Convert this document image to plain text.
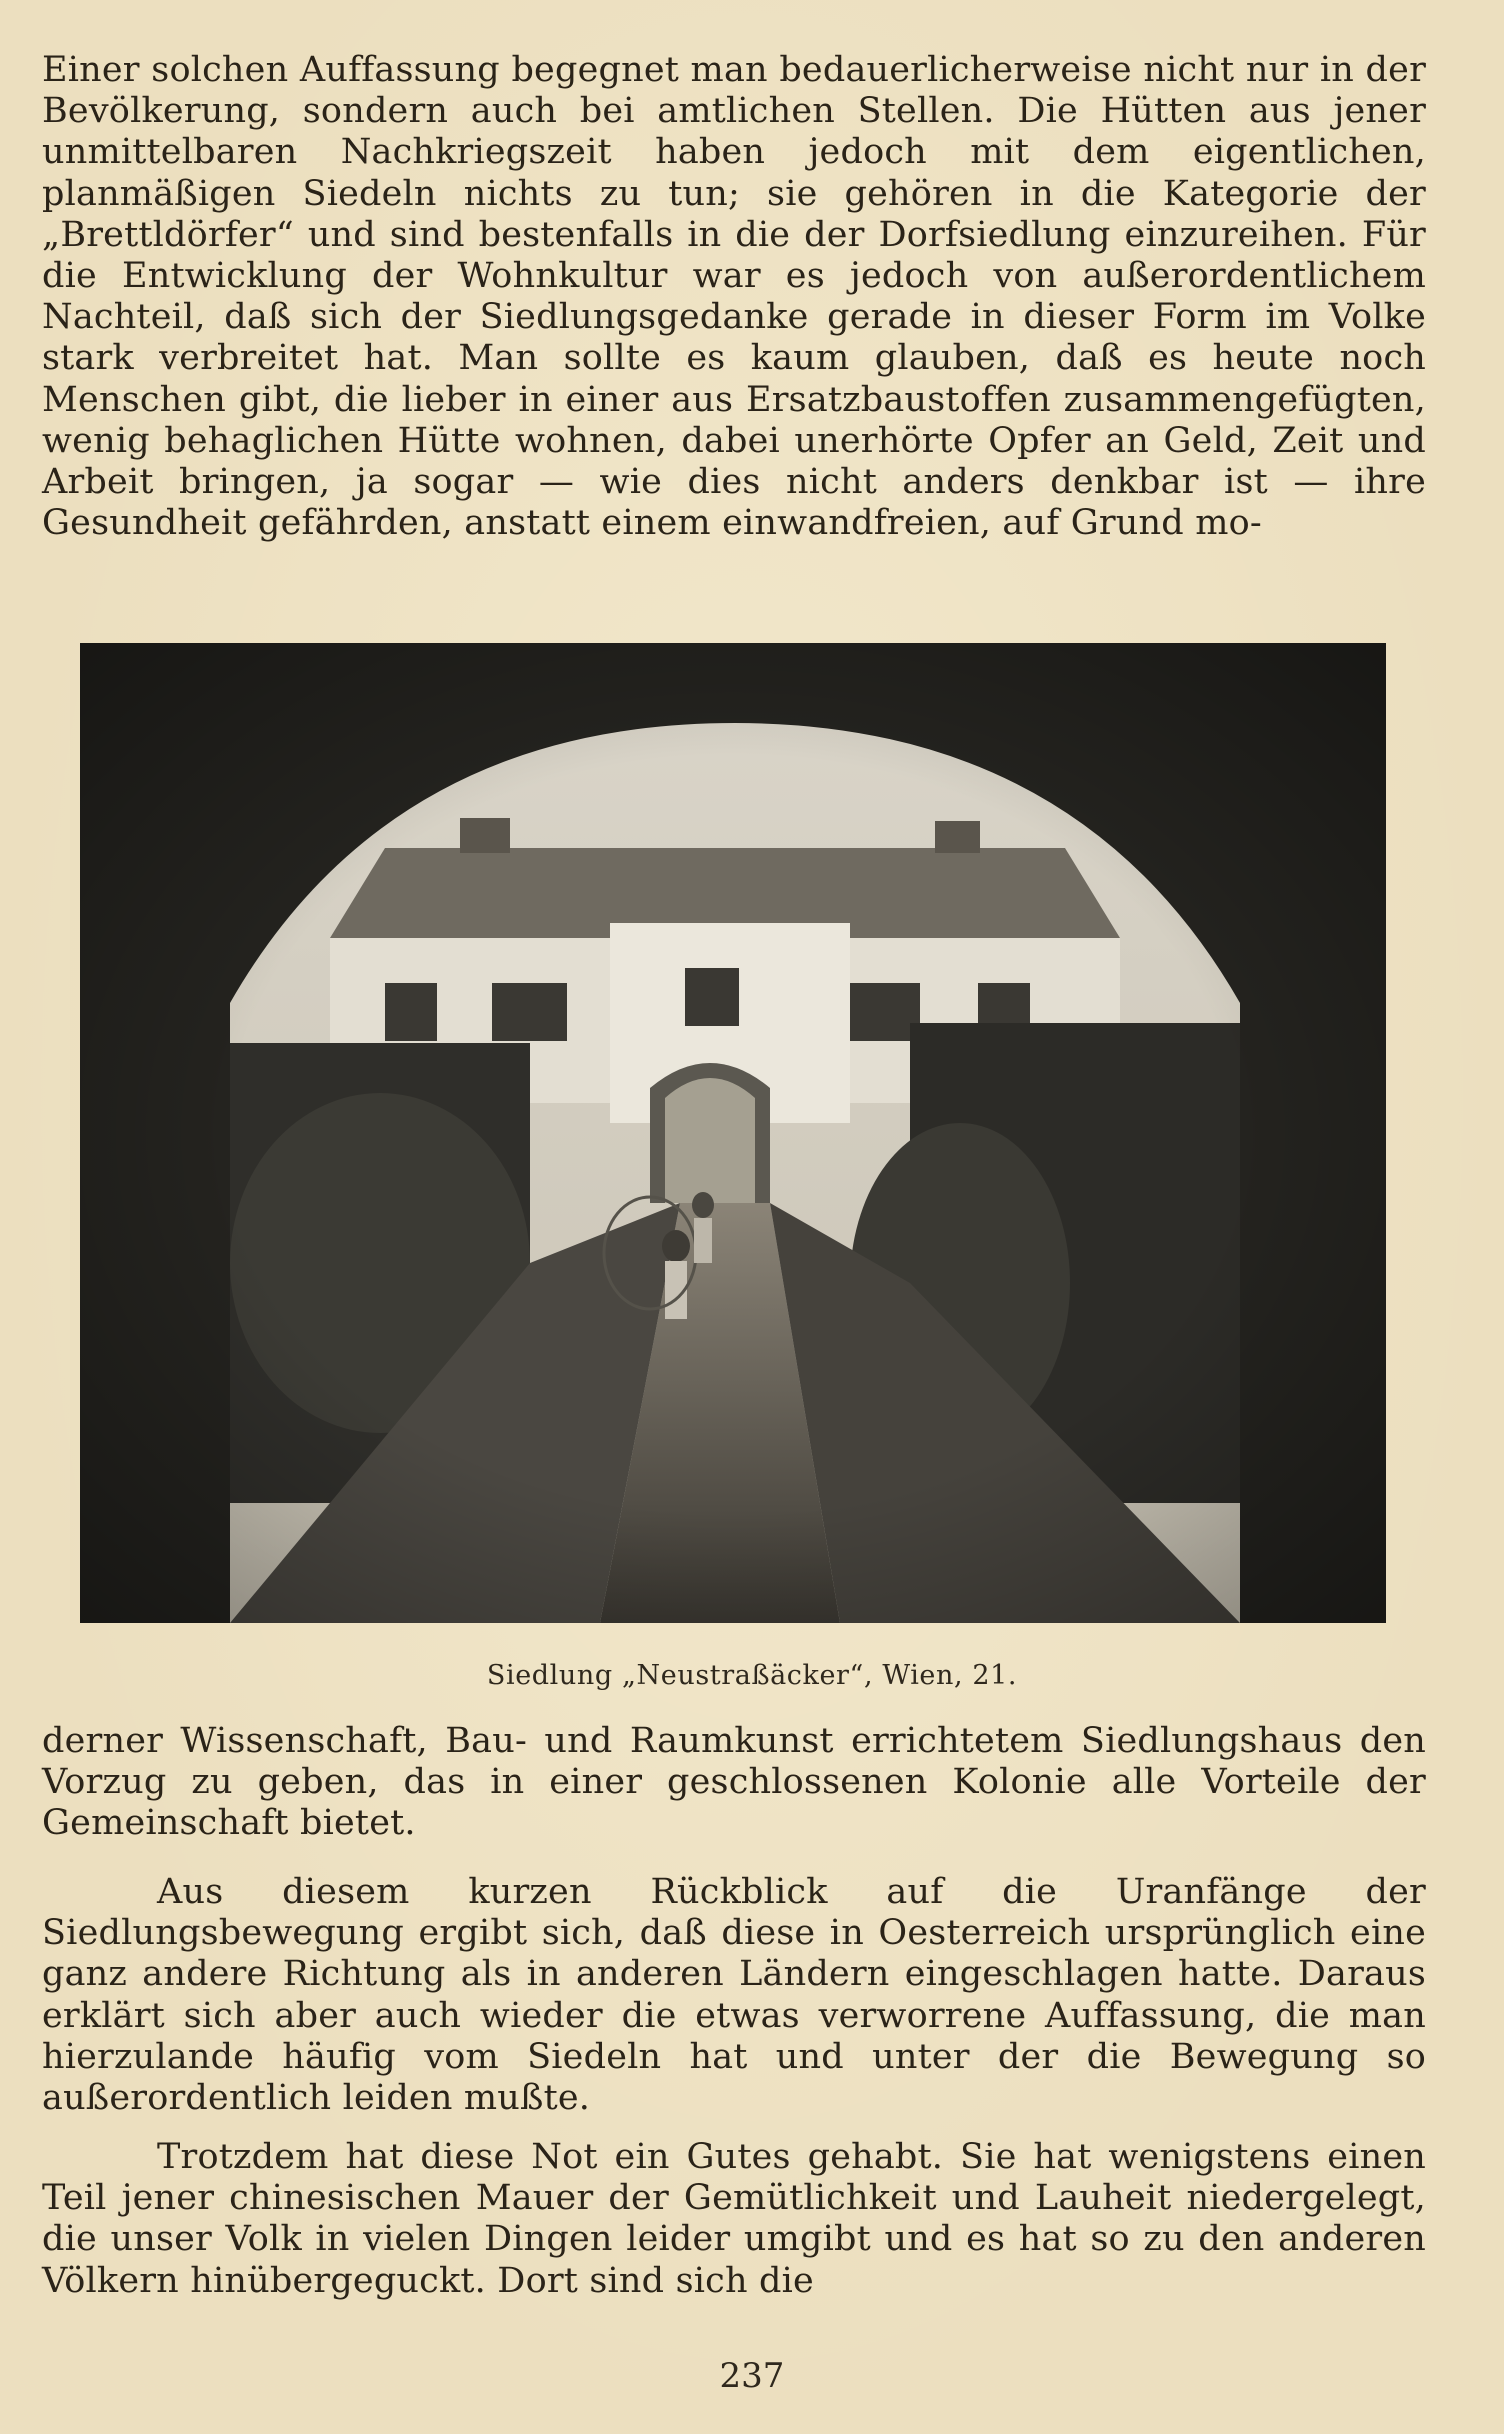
Einer solchen Auffassung begegnet man bedauerlicherweise nicht nur in der Bevölkerung, sondern auch bei amtlichen Stellen. Die Hütten aus jener unmittelbaren Nachkriegszeit haben jedoch mit dem eigentlichen, planmäßigen Siedeln nichts zu tun; sie gehören in die Kategorie der „Brettldörfer“ und sind bestenfalls in die der Dorfsiedlung einzureihen. Für die Entwicklung der Wohnkultur war es jedoch von außerordentlichem Nachteil, daß sich der Siedlungsgedanke gerade in dieser Form im Volke stark verbreitet hat. Man sollte es kaum glauben, daß es heute noch Menschen gibt, die lieber in einer aus Ersatzbaustoffen zusammengefügten, wenig behaglichen Hütte wohnen, dabei unerhörte Opfer an Geld, Zeit und Arbeit bringen, ja sogar — wie dies nicht anders denkbar ist — ihre Gesundheit gefährden, anstatt einem einwandfreien, auf Grund mo-

Siedlung „Neustraßäcker“, Wien, 21.

derner Wissenschaft, Bau- und Raumkunst errichtetem Siedlungshaus den Vorzug zu geben, das in einer geschlossenen Kolonie alle Vorteile der Gemeinschaft bietet.

Aus diesem kurzen Rückblick auf die Uranfänge der Siedlungsbewegung ergibt sich, daß diese in Oesterreich ursprünglich eine ganz andere Richtung als in anderen Ländern eingeschlagen hatte. Daraus erklärt sich aber auch wieder die etwas verworrene Auffassung, die man hierzulande häufig vom Siedeln hat und unter der die Bewegung so außerordentlich leiden mußte.

Trotzdem hat diese Not ein Gutes gehabt. Sie hat wenigstens einen Teil jener chinesischen Mauer der Gemütlichkeit und Lauheit niedergelegt, die unser Volk in vielen Dingen leider umgibt und es hat so zu den anderen Völkern hinübergeguckt. Dort sind sich die

237
